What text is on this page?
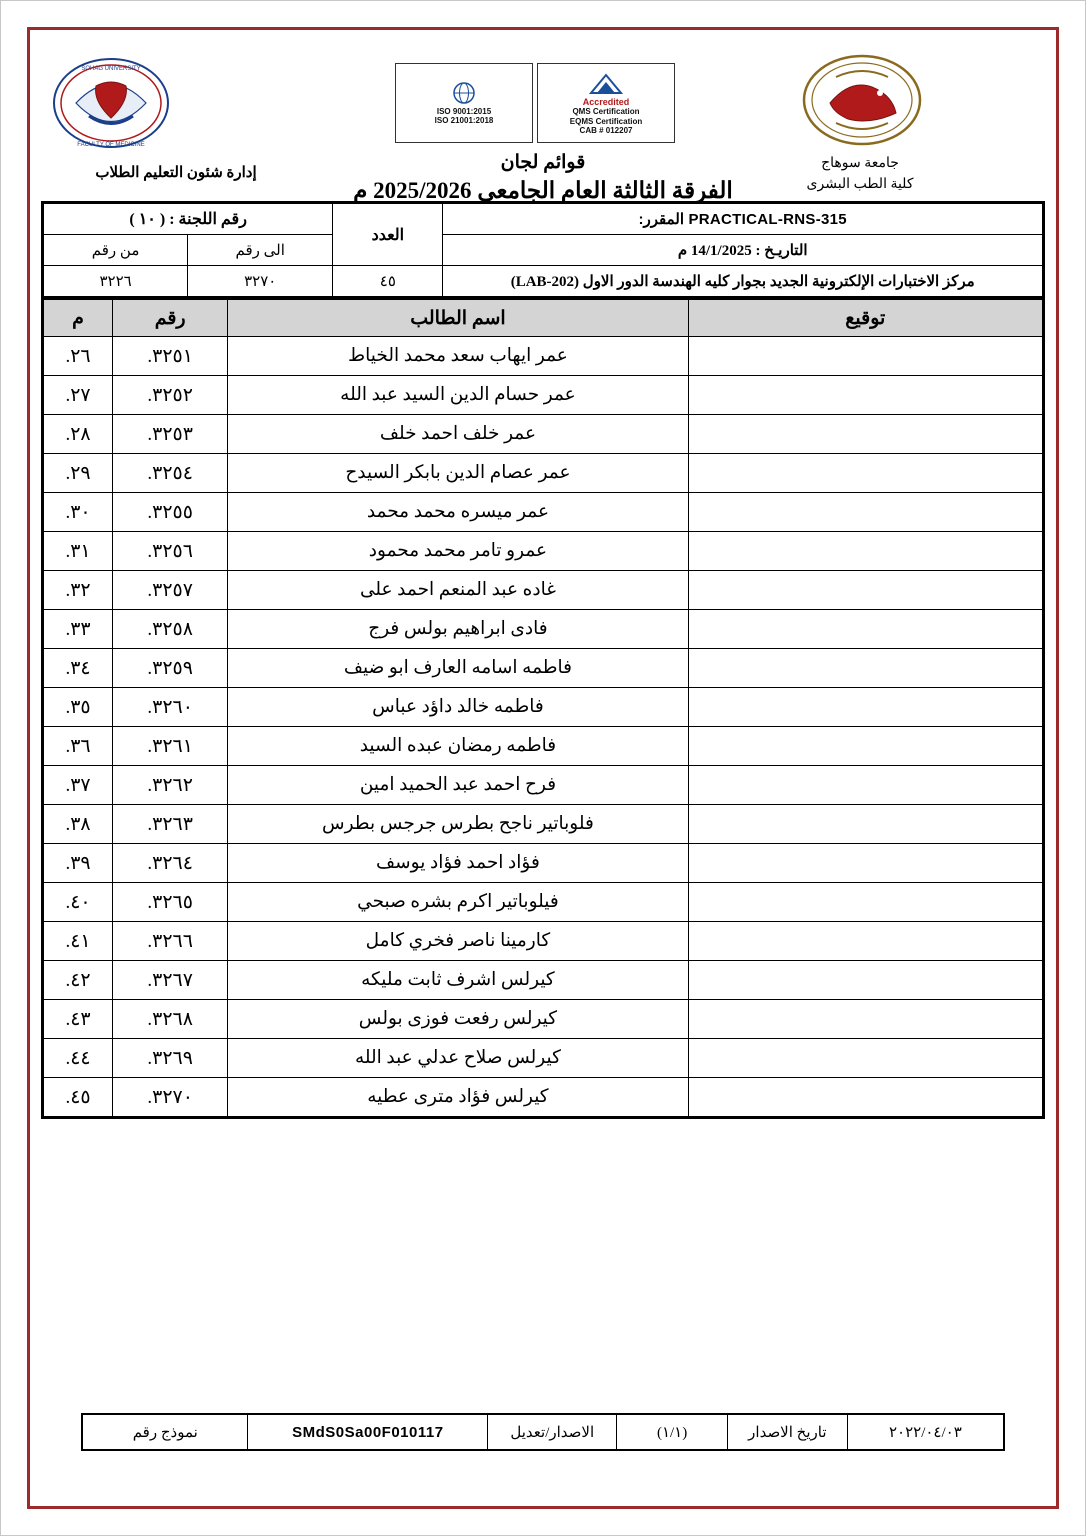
SOHAG UNIVERSITY
FACULTY OF MEDICINE
Accredited
QMS Certification
EQMS Certification
CAB # 012207
ISO 9001:2015
ISO 21001:2018
قوائم لجان
الفرقة الثالثة العام الجامعي 2025/2026 م
جامعة سوهاج
كلية الطب البشرى
إدارة شئون التعليم الطلاب
PRACTICAL-RNS-315 المقرر:	العدد	رقم اللجنة : ( ١٠ )	
التاريـخ : 14/1/2025 م		الى رقم	من رقم
مركز الاختبارات الإلكترونية الجديد بجوار كليه الهندسة الدور الاول (LAB-202)	٤٥	٣٢٧٠	٣٢٢٦
توقيع	اسم الطالب	رقم	م
	عمر ايهاب سعد محمد الخياط	٣٢٥١.	٢٦.
	عمر حسام الدين السيد عبد الله	٣٢٥٢.	٢٧.
	عمر خلف احمد خلف	٣٢٥٣.	٢٨.
	عمر عصام الدين بابكر السيدح	٣٢٥٤.	٢٩.
	عمر ميسره محمد محمد	٣٢٥٥.	٣٠.
	عمرو تامر محمد محمود	٣٢٥٦.	٣١.
	غاده عبد المنعم احمد على	٣٢٥٧.	٣٢.
	فادى ابراهيم بولس فرج	٣٢٥٨.	٣٣.
	فاطمه اسامه العارف ابو ضيف	٣٢٥٩.	٣٤.
	فاطمه خالد داؤد عباس	٣٢٦٠.	٣٥.
	فاطمه رمضان عبده السيد	٣٢٦١.	٣٦.
	فرح احمد عبد الحميد امين	٣٢٦٢.	٣٧.
	فلوباتير ناجح بطرس جرجس بطرس	٣٢٦٣.	٣٨.
	فؤاد احمد فؤاد يوسف	٣٢٦٤.	٣٩.
	فيلوباتير اكرم بشره صبحي	٣٢٦٥.	٤٠.
	كارمينا ناصر فخري كامل	٣٢٦٦.	٤١.
	كيرلس اشرف ثابت مليكه	٣٢٦٧.	٤٢.
	كيرلس رفعت فوزى بولس	٣٢٦٨.	٤٣.
	كيرلس صلاح عدلي عبد الله	٣٢٦٩.	٤٤.
	كيرلس فؤاد مترى عطيه	٣٢٧٠.	٤٥.
٢٠٢٢/٠٤/٠٣	تاريخ الاصدار	(١/١)	الاصدار/تعديل	SMdS0Sa00F010117	نموذج رقم
